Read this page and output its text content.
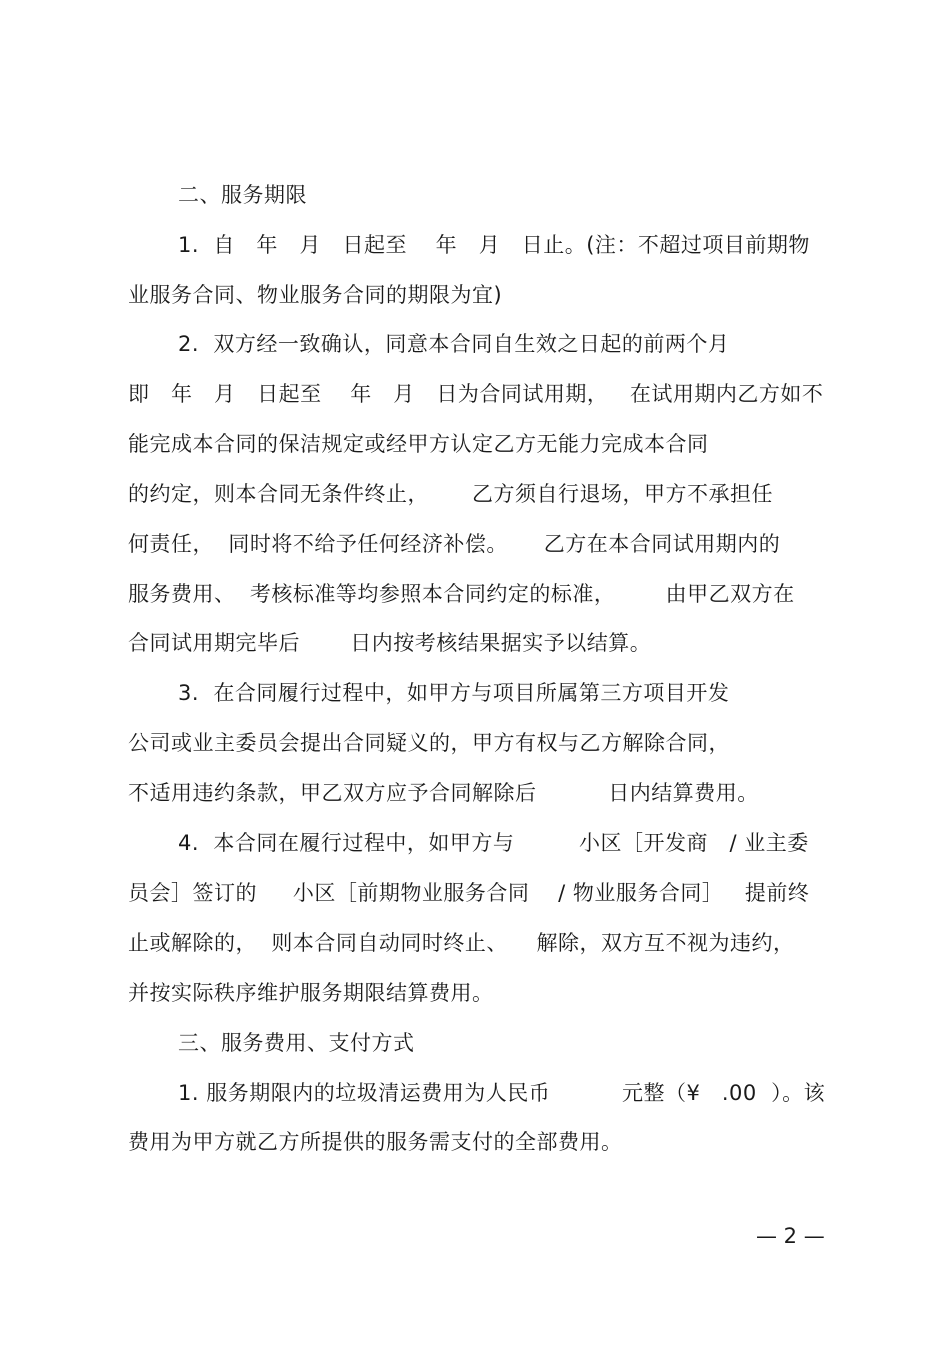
二、服务期限
1.  自   年   月   日起至    年   月   日止。(注：不超过项目前期物
业服务合同、物业服务合同的期限为宜)
2.  双方经一致确认，同意本合同自生效之日起的前两个月
即   年   月   日起至    年   月   日为合同试用期，   在试用期内乙方如不
能完成本合同的保洁规定或经甲方认定乙方无能力完成本合同
的约定，则本合同无条件终止，      乙方须自行退场，甲方不承担任
何责任，  同时将不给予任何经济补偿。     乙方在本合同试用期内的
服务费用、  考核标准等均参照本合同约定的标准，       由甲乙双方在
合同试用期完毕后       日内按考核结果据实予以结算。
3.  在合同履行过程中，如甲方与项目所属第三方项目开发
公司或业主委员会提出合同疑义的，甲方有权与乙方解除合同，
不适用违约条款，甲乙双方应予合同解除后          日内结算费用。
4.  本合同在履行过程中，如甲方与         小区［开发商   / 业主委
员会］签订的     小区［前期物业服务合同    / 物业服务合同］   提前终
止或解除的，  则本合同自动同时终止、    解除，双方互不视为违约，
并按实际秩序维护服务期限结算费用。
三、服务费用、支付方式
1. 服务期限内的垃圾清运费用为人民币          元整（¥   .00  ）。该
费用为甲方就乙方所提供的服务需支付的全部费用。
— 2 —
